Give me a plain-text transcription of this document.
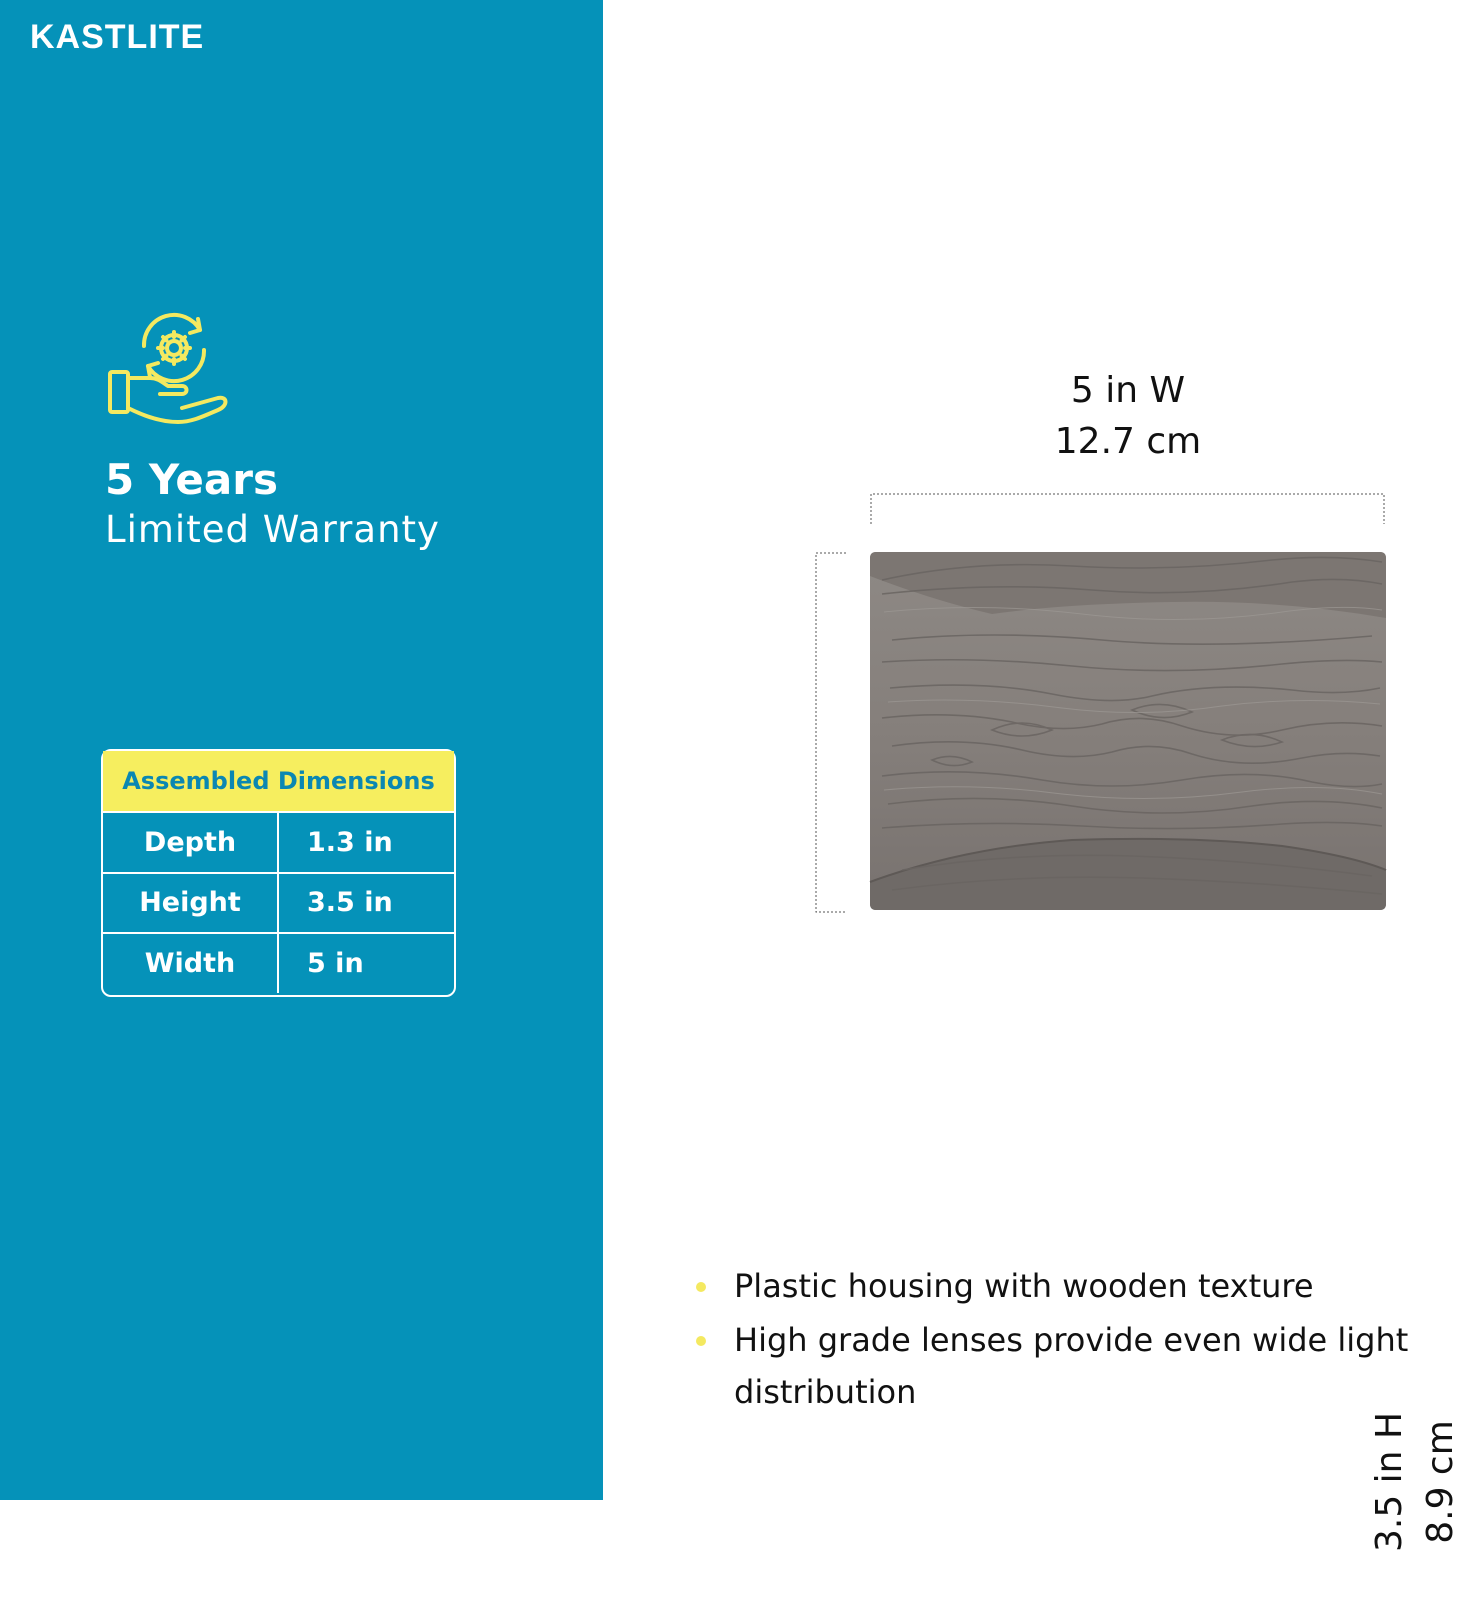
KASTLITE
5 Years
Limited Warranty
Assembled Dimensions
Depth	1.3 in
Height	3.5 in
Width	5 in
5 in W
12.7 cm
3.5 in H 8.9 cm
Plastic housing with wooden texture
High grade lenses provide even wide light distribution
